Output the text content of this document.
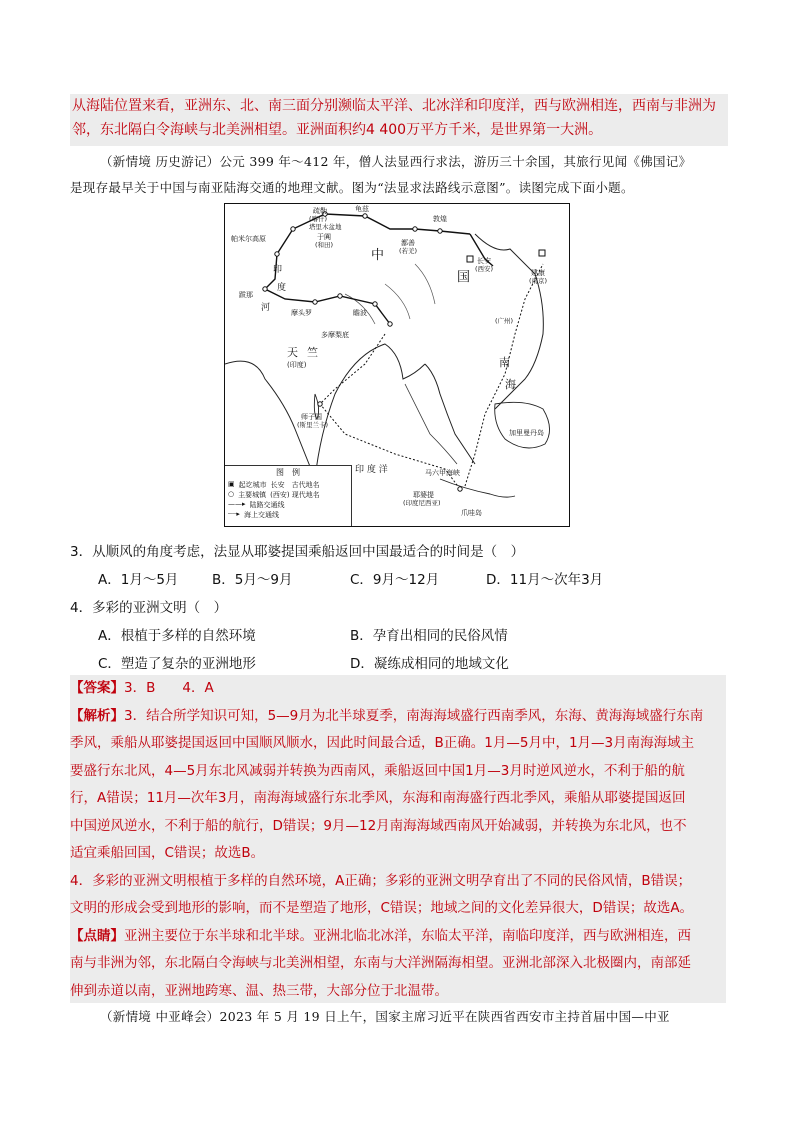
从海陆位置来看，亚洲东、北、南三面分别濒临太平洋、北冰洋和印度洋，西与欧洲相连，西南与非洲为
邻，东北隔白令海峡与北美洲相望。亚洲面积约4 400万平方千米，是世界第一大洲。
（新情境 历史游记）公元 399 年～412 年，僧人法显西行求法，游历三十余国，其旅行见闻《佛国记》
是现存最早关于中国与南亚陆海交通的地理文献。图为“法显求法路线示意图”。读图完成下面小题。
疏勒
(喀什)
龟兹
塔里木盆地
敦煌
帕米尔高原	于阗
(和田)	鄯善
(若羌)
长安
(西安)	建康
(南京)
(广州)
中
国
印
度
河
跋那
摩头罗	瞻波
多摩梨底
天 竺
(印度)
师子国
(斯里兰卡)
南
海
印 度 洋
加里曼丹岛
马六甲海峡
耶婆提
(印度尼西亚)
爪哇岛
图　例
▣ 起讫城市 长安　古代地名
○ 主要城镇 (西安) 现代地名
——▸ 陆路交通线
┈┈▸ 海上交通线
3．从顺风的角度考虑，法显从耶婆提国乘船返回中国最适合的时间是（　）
A．1月～5月 B．5月～9月	C．9月～12月	D．11月～次年3月
4．多彩的亚洲文明（　）
A．根植于多样的自然环境	B．孕育出相同的民俗风情
C．塑造了复杂的亚洲地形	D．凝练成相同的地域文化
【答案】3．B　　4．A
【解析】3．结合所学知识可知，5—9月为北半球夏季，南海海域盛行西南季风，东海、黄海海域盛行东南
季风，乘船从耶婆提国返回中国顺风顺水，因此时间最合适，B正确。1月—5月中，1月—3月南海海域主
要盛行东北风，4—5月东北风减弱并转换为西南风，乘船返回中国1月—3月时逆风逆水，不利于船的航
行，A错误；11月—次年3月，南海海域盛行东北季风，东海和南海盛行西北季风，乘船从耶婆提国返回
中国逆风逆水，不利于船的航行，D错误；9月—12月南海海域西南风开始减弱，并转换为东北风，也不
适宜乘船回国，C错误；故选B。
4．多彩的亚洲文明根植于多样的自然环境，A正确；多彩的亚洲文明孕育出了不同的民俗风情，B错误；
文明的形成会受到地形的影响，而不是塑造了地形，C错误；地域之间的文化差异很大，D错误；故选A。
【点睛】亚洲主要位于东半球和北半球。亚洲北临北冰洋，东临太平洋，南临印度洋，西与欧洲相连，西
南与非洲为邻，东北隔白令海峡与北美洲相望，东南与大洋洲隔海相望。亚洲北部深入北极圈内，南部延
伸到赤道以南，亚洲地跨寒、温、热三带，大部分位于北温带。
（新情境 中亚峰会）2023 年 5 月 19 日上午，国家主席习近平在陕西省西安市主持首届中国—中亚
